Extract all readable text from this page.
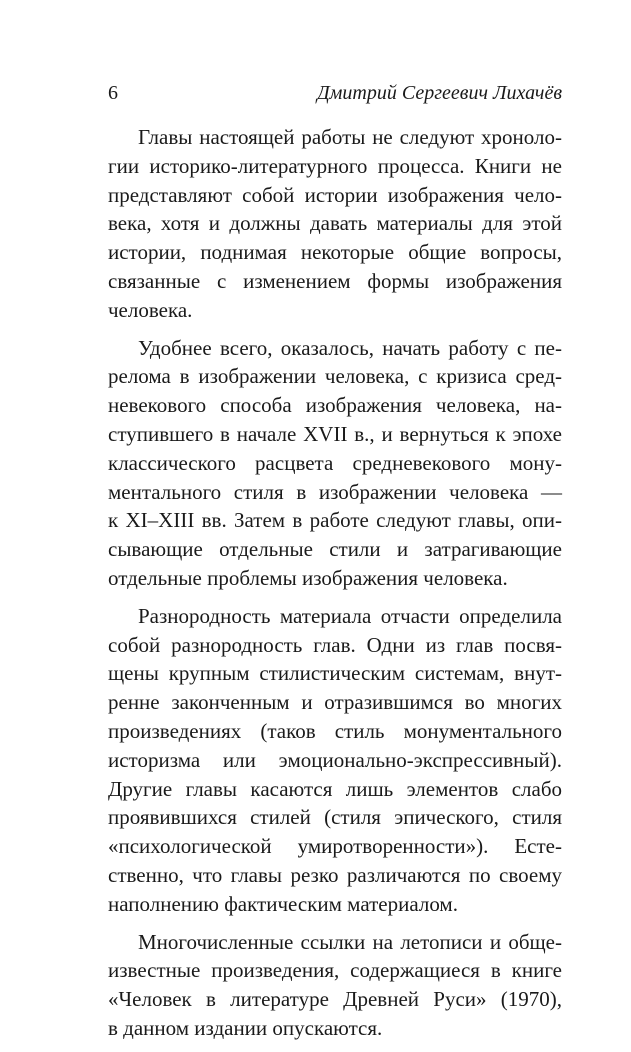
6	Дмитрий Сергеевич Лихачёв
Главы настоящей работы не следуют хроноло-
гии историко-литературного процесса. Книги не
представляют собой истории изображения чело-
века, хотя и должны давать материалы для этой
истории, поднимая некоторые общие вопросы,
связанные с изменением формы изображения
человека.
Удобнее всего, оказалось, начать работу с пе-
релома в изображении человека, с кризиса сред-
невекового способа изображения человека, на-
ступившего в начале XVII в., и вернуться к эпохе
классического расцвета средневекового мону-
ментального стиля в изображении человека —
к XI–XIII вв. Затем в работе следуют главы, опи-
сывающие отдельные стили и затрагивающие
отдельные проблемы изображения человека.
Разнородность материала отчасти определила
собой разнородность глав. Одни из глав посвя-
щены крупным стилистическим системам, внут-
ренне законченным и отразившимся во многих
произведениях (таков стиль монументального
историзма или эмоционально-экспрессивный).
Другие главы касаются лишь элементов слабо
проявившихся стилей (стиля эпического, стиля
«психологической умиротворенности»). Есте-
ственно, что главы резко различаются по своему
наполнению фактическим материалом.
Многочисленные ссылки на летописи и обще-
известные произведения, содержащиеся в книге
«Человек в литературе Древней Руси» (1970),
в данном издании опускаются.
